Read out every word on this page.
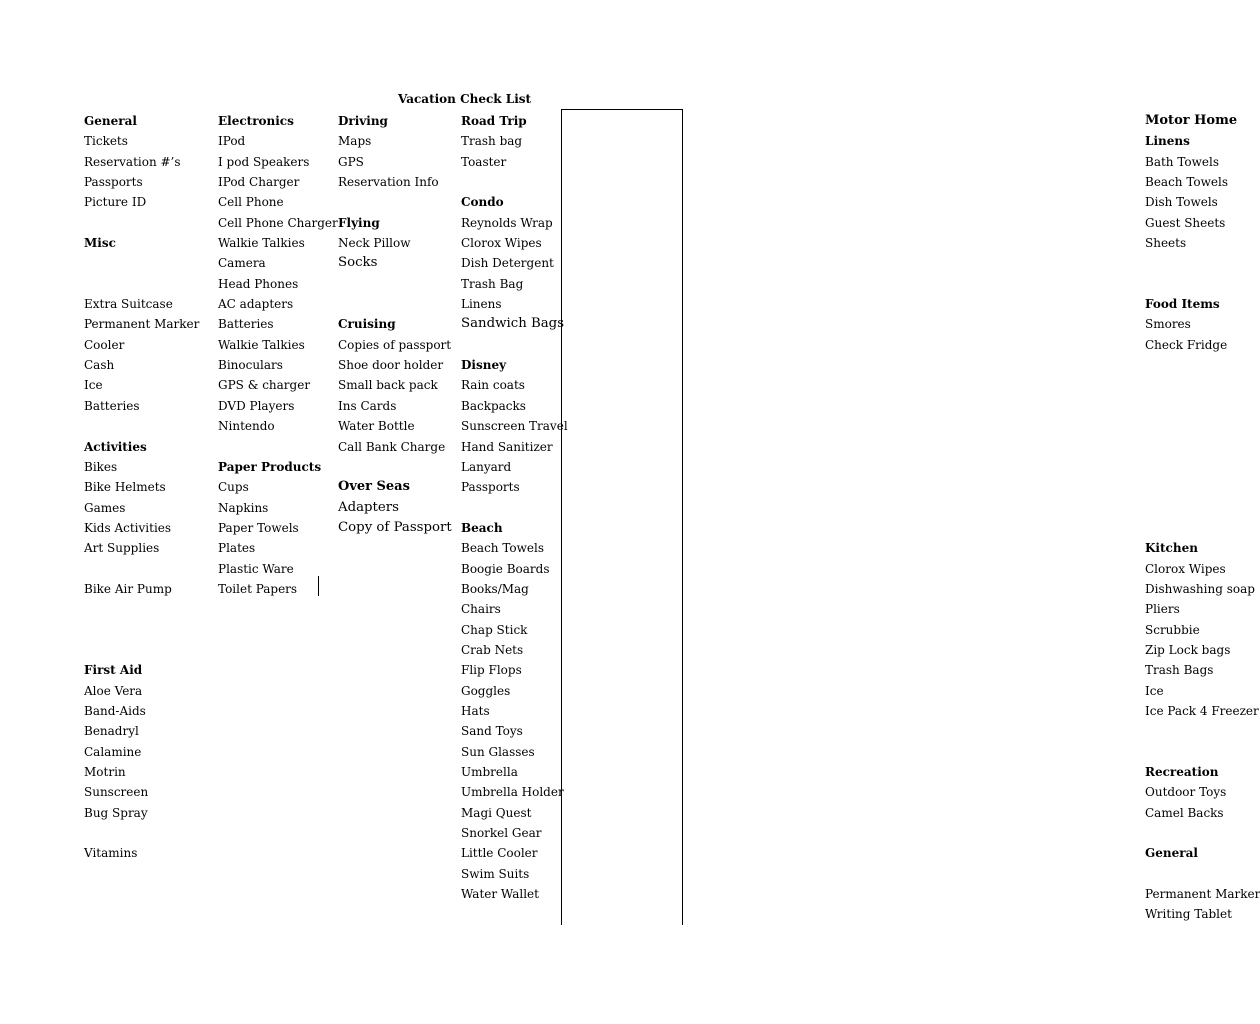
Vacation Check List
General
Tickets
Reservation #’s
Passports
Picture ID
Misc
Extra Suitcase
Permanent Marker
Cooler
Cash
Ice
Batteries
Activities
Bikes
Bike Helmets
Games
Kids Activities
Art Supplies
Bike Air Pump
First Aid
Aloe Vera
Band-Aids
Benadryl
Calamine
Motrin
Sunscreen
Bug Spray
Vitamins
Electronics
IPod
I pod Speakers
IPod Charger
Cell Phone
Cell Phone Charger
Walkie Talkies
Camera
Head Phones
AC adapters
Batteries
Walkie Talkies
Binoculars
GPS & charger
DVD Players
Nintendo
Paper Products
Cups
Napkins
Paper Towels
Plates
Plastic Ware
Toilet Papers
Driving
Maps
GPS
Reservation Info
Flying
Neck Pillow
Socks
Cruising
Copies of passport
Shoe door holder
Small back pack
Ins Cards
Water Bottle
Call Bank Charge
Over Seas
Adapters
Copy of Passport
Road Trip
Trash bag
Toaster
Condo
Reynolds Wrap
Clorox Wipes
Dish Detergent
Trash Bag
Linens
Sandwich Bags
Disney
Rain coats
Backpacks
Sunscreen Travel
Hand Sanitizer
Lanyard
Passports
Beach
Beach Towels
Boogie Boards
Books/Mag
Chairs
Chap Stick
Crab Nets
Flip Flops
Goggles
Hats
Sand Toys
Sun Glasses
Umbrella
Umbrella Holder
Magi Quest
Snorkel Gear
Little Cooler
Swim Suits
Water Wallet
Motor Home
Linens
Bath Towels
Beach Towels
Dish Towels
Guest Sheets
Sheets
Food Items
Smores
Check Fridge
Kitchen
Clorox Wipes
Dishwashing soap
Pliers
Scrubbie
Zip Lock bags
Trash Bags
Ice
Ice Pack 4 Freezer
Recreation
Outdoor Toys
Camel Backs
General
Permanent Marker
Writing Tablet
